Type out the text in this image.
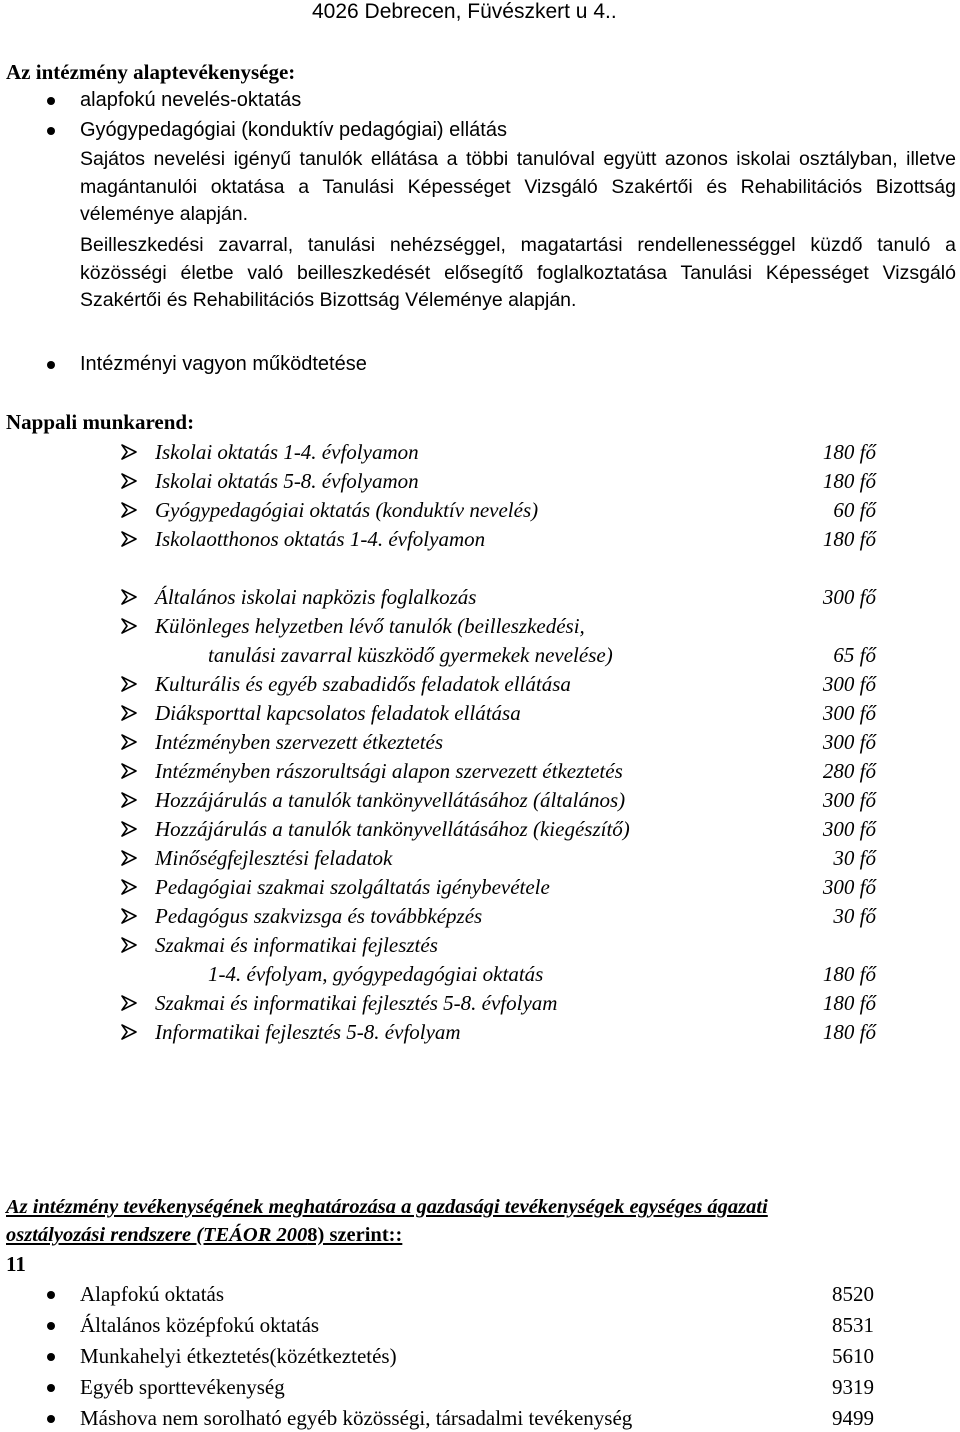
4026 Debrecen, Füvészkert u 4..
Az intézmény alaptevékenysége:
alapfokú nevelés-oktatás
Gyógypedagógiai (konduktív pedagógiai) ellátás
Sajátos nevelési igényű tanulók ellátása a többi tanulóval együtt azonos iskolai osztályban, illetve magántanulói oktatása a Tanulási Képességet Vizsgáló Szakértői és Rehabilitációs Bizottság véleménye alapján.
Beilleszkedési zavarral, tanulási nehézséggel, magatartási rendellenességgel küzdő tanuló a közösségi életbe való beilleszkedését elősegítő foglalkoztatása Tanulási Képességet Vizsgáló Szakértői és Rehabilitációs Bizottság Véleménye alapján.
Intézményi vagyon működtetése
Nappali munkarend:
Iskolai oktatás 1-4. évfolyamon	180 fő
Iskolai oktatás 5-8. évfolyamon	180 fő
Gyógypedagógiai oktatás (konduktív nevelés)	60 fő
Iskolaotthonos oktatás 1-4. évfolyamon	180 fő
Általános iskolai napközis foglalkozás	300 fő
Különleges helyzetben lévő tanulók (beilleszkedési,
tanulási zavarral küszködő gyermekek nevelése)	65 fő
Kulturális és egyéb szabadidős feladatok ellátása	300 fő
Diáksporttal kapcsolatos feladatok ellátása	300 fő
Intézményben szervezett étkeztetés	300 fő
Intézményben rászorultsági alapon szervezett étkeztetés	280 fő
Hozzájárulás a tanulók tankönyvellátásához (általános)	300 fő
Hozzájárulás a tanulók tankönyvellátásához (kiegészítő)	300 fő
Minőségfejlesztési feladatok	30 fő
Pedagógiai szakmai szolgáltatás igénybevétele	300 fő
Pedagógus szakvizsga és továbbképzés	30 fő
Szakmai és informatikai fejlesztés
1-4. évfolyam, gyógypedagógiai oktatás	180 fő
Szakmai és informatikai fejlesztés 5-8. évfolyam	180 fő
Informatikai fejlesztés 5-8. évfolyam	180 fő
Az intézmény tevékenységének meghatározása a gazdasági tevékenységek egységes ágazati
osztályozási rendszere (TEÁOR 2008) szerint::
11
Alapfokú oktatás	8520
Általános középfokú oktatás	8531
Munkahelyi étkeztetés(közétkeztetés)	5610
Egyéb sporttevékenység	9319
Máshova nem sorolható egyéb közösségi, társadalmi tevékenység	9499
